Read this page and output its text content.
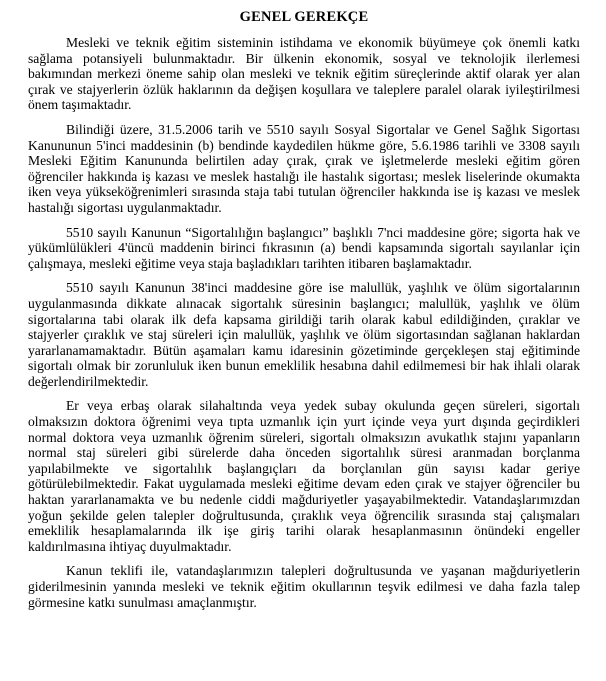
GENEL GEREKÇE

Mesleki ve teknik eğitim sisteminin istihdama ve ekonomik büyümeye çok önemli katkı sağlama potansiyeli bulunmaktadır. Bir ülkenin ekonomik, sosyal ve teknolojik ilerlemesi bakımından merkezi öneme sahip olan mesleki ve teknik eğitim süreçlerinde aktif olarak yer alan çırak ve stajyerlerin özlük haklarının da değişen koşullara ve taleplere paralel olarak iyileştirilmesi önem taşımaktadır.

Bilindiği üzere, 31.5.2006 tarih ve 5510 sayılı Sosyal Sigortalar ve Genel Sağlık Sigortası Kanununun 5'inci maddesinin (b) bendinde kaydedilen hükme göre, 5.6.1986 tarihli ve 3308 sayılı Mesleki Eğitim Kanununda belirtilen aday çırak, çırak ve işletmelerde mesleki eğitim gören öğrenciler hakkında iş kazası ve meslek hastalığı ile hastalık sigortası; meslek liselerinde okumakta iken veya yükseköğrenimleri sırasında staja tabi tutulan öğrenciler hakkında ise iş kazası ve meslek hastalığı sigortası uygulanmaktadır.

5510 sayılı Kanunun “Sigortalılığın başlangıcı” başlıklı 7'nci maddesine göre; sigorta hak ve yükümlülükleri 4'üncü maddenin birinci fıkrasının (a) bendi kapsamında sigortalı sayılanlar için çalışmaya, mesleki eğitime veya staja başladıkları tarihten itibaren başlamaktadır.

5510 sayılı Kanunun 38'inci maddesine göre ise malullük, yaşlılık ve ölüm sigortalarının uygulanmasında dikkate alınacak sigortalık süresinin başlangıcı; malullük, yaşlılık ve ölüm sigortalarına tabi olarak ilk defa kapsama girildiği tarih olarak kabul edildiğinden, çıraklar ve stajyerler çıraklık ve staj süreleri için malullük, yaşlılık ve ölüm sigortasından sağlanan haklardan yararlanamamaktadır. Bütün aşamaları kamu idaresinin gözetiminde gerçekleşen staj eğitiminde sigortalı olmak bir zorunluluk iken bunun emeklilik hesabına dahil edilmemesi bir hak ihlali olarak değerlendirilmektedir.

Er veya erbaş olarak silahaltında veya yedek subay okulunda geçen süreleri, sigortalı olmaksızın doktora öğrenimi veya tıpta uzmanlık için yurt içinde veya yurt dışında geçirdikleri normal doktora veya uzmanlık öğrenim süreleri, sigortalı olmaksızın avukatlık stajını yapanların normal staj süreleri gibi sürelerde daha önceden sigortalılık süresi aranmadan borçlanma yapılabilmekte ve sigortalılık başlangıçları da borçlanılan gün sayısı kadar geriye götürülebilmektedir. Fakat uygulamada mesleki eğitime devam eden çırak ve stajyer öğrenciler bu haktan yararlanamakta ve bu nedenle ciddi mağduriyetler yaşayabilmektedir. Vatandaşlarımızdan yoğun şekilde gelen talepler doğrultusunda, çıraklık veya öğrencilik sırasında staj çalışmaları emeklilik hesaplamalarında ilk işe giriş tarihi olarak hesaplanmasının önündeki engeller kaldırılmasına ihtiyaç duyulmaktadır.

Kanun teklifi ile, vatandaşlarımızın talepleri doğrultusunda ve yaşanan mağduriyetlerin giderilmesinin yanında mesleki ve teknik eğitim okullarının teşvik edilmesi ve daha fazla talep görmesine katkı sunulması amaçlanmıştır.
